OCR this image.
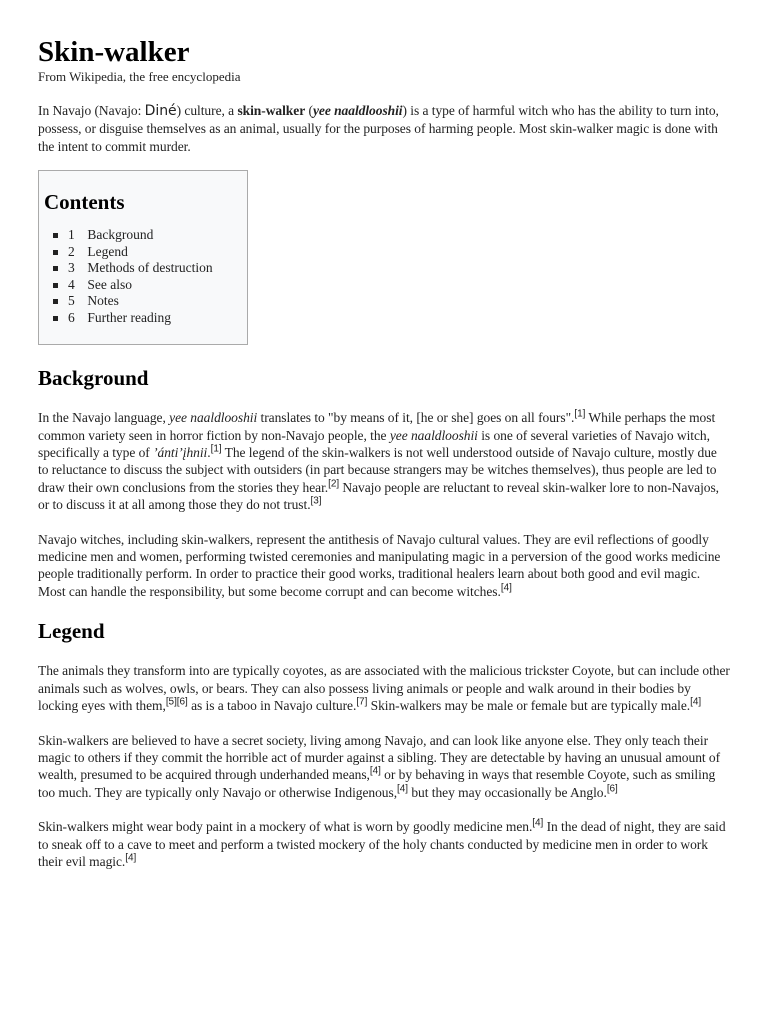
Skin-walker
From Wikipedia, the free encyclopedia

In Navajo (Navajo: Diné) culture, a skin-walker (yee naaldlooshii) is a type of harmful witch who has the ability to turn into, possess, or disguise themselves as an animal, usually for the purposes of harming people. Most skin-walker magic is done with the intent to commit murder.

Contents
1 Background
2 Legend
3 Methods of destruction
4 See also
5 Notes
6 Further reading
Background

In the Navajo language, yee naaldlooshii translates to "by means of it, [he or she] goes on all fours".[1] While perhaps the most common variety seen in horror fiction by non-Navajo people, the yee naaldlooshii is one of several varieties of Navajo witch, specifically a type of ’ánti’įhnii.[1] The legend of the skin-walkers is not well understood outside of Navajo culture, mostly due to reluctance to discuss the subject with outsiders (in part because strangers may be witches themselves), thus people are led to draw their own conclusions from the stories they hear.[2] Navajo people are reluctant to reveal skin-walker lore to non-Navajos, or to discuss it at all among those they do not trust.[3]

Navajo witches, including skin-walkers, represent the antithesis of Navajo cultural values. They are evil reflections of goodly medicine men and women, performing twisted ceremonies and manipulating magic in a perversion of the good works medicine people traditionally perform. In order to practice their good works, traditional healers learn about both good and evil magic. Most can handle the responsibility, but some become corrupt and can become witches.[4]

Legend

The animals they transform into are typically coyotes, as are associated with the malicious trickster Coyote, but can include other animals such as wolves, owls, or bears. They can also possess living animals or people and walk around in their bodies by locking eyes with them,[5][6] as is a taboo in Navajo culture.[7] Skin-walkers may be male or female but are typically male.[4]

Skin-walkers are believed to have a secret society, living among Navajo, and can look like anyone else. They only teach their magic to others if they commit the horrible act of murder against a sibling. They are detectable by having an unusual amount of wealth, presumed to be acquired through underhanded means,[4] or by behaving in ways that resemble Coyote, such as smiling too much. They are typically only Navajo or otherwise Indigenous,[4] but they may occasionally be Anglo.[6]

Skin-walkers might wear body paint in a mockery of what is worn by goodly medicine men.[4] In the dead of night, they are said to sneak off to a cave to meet and perform a twisted mockery of the holy chants conducted by medicine men in order to work their evil magic.[4]
